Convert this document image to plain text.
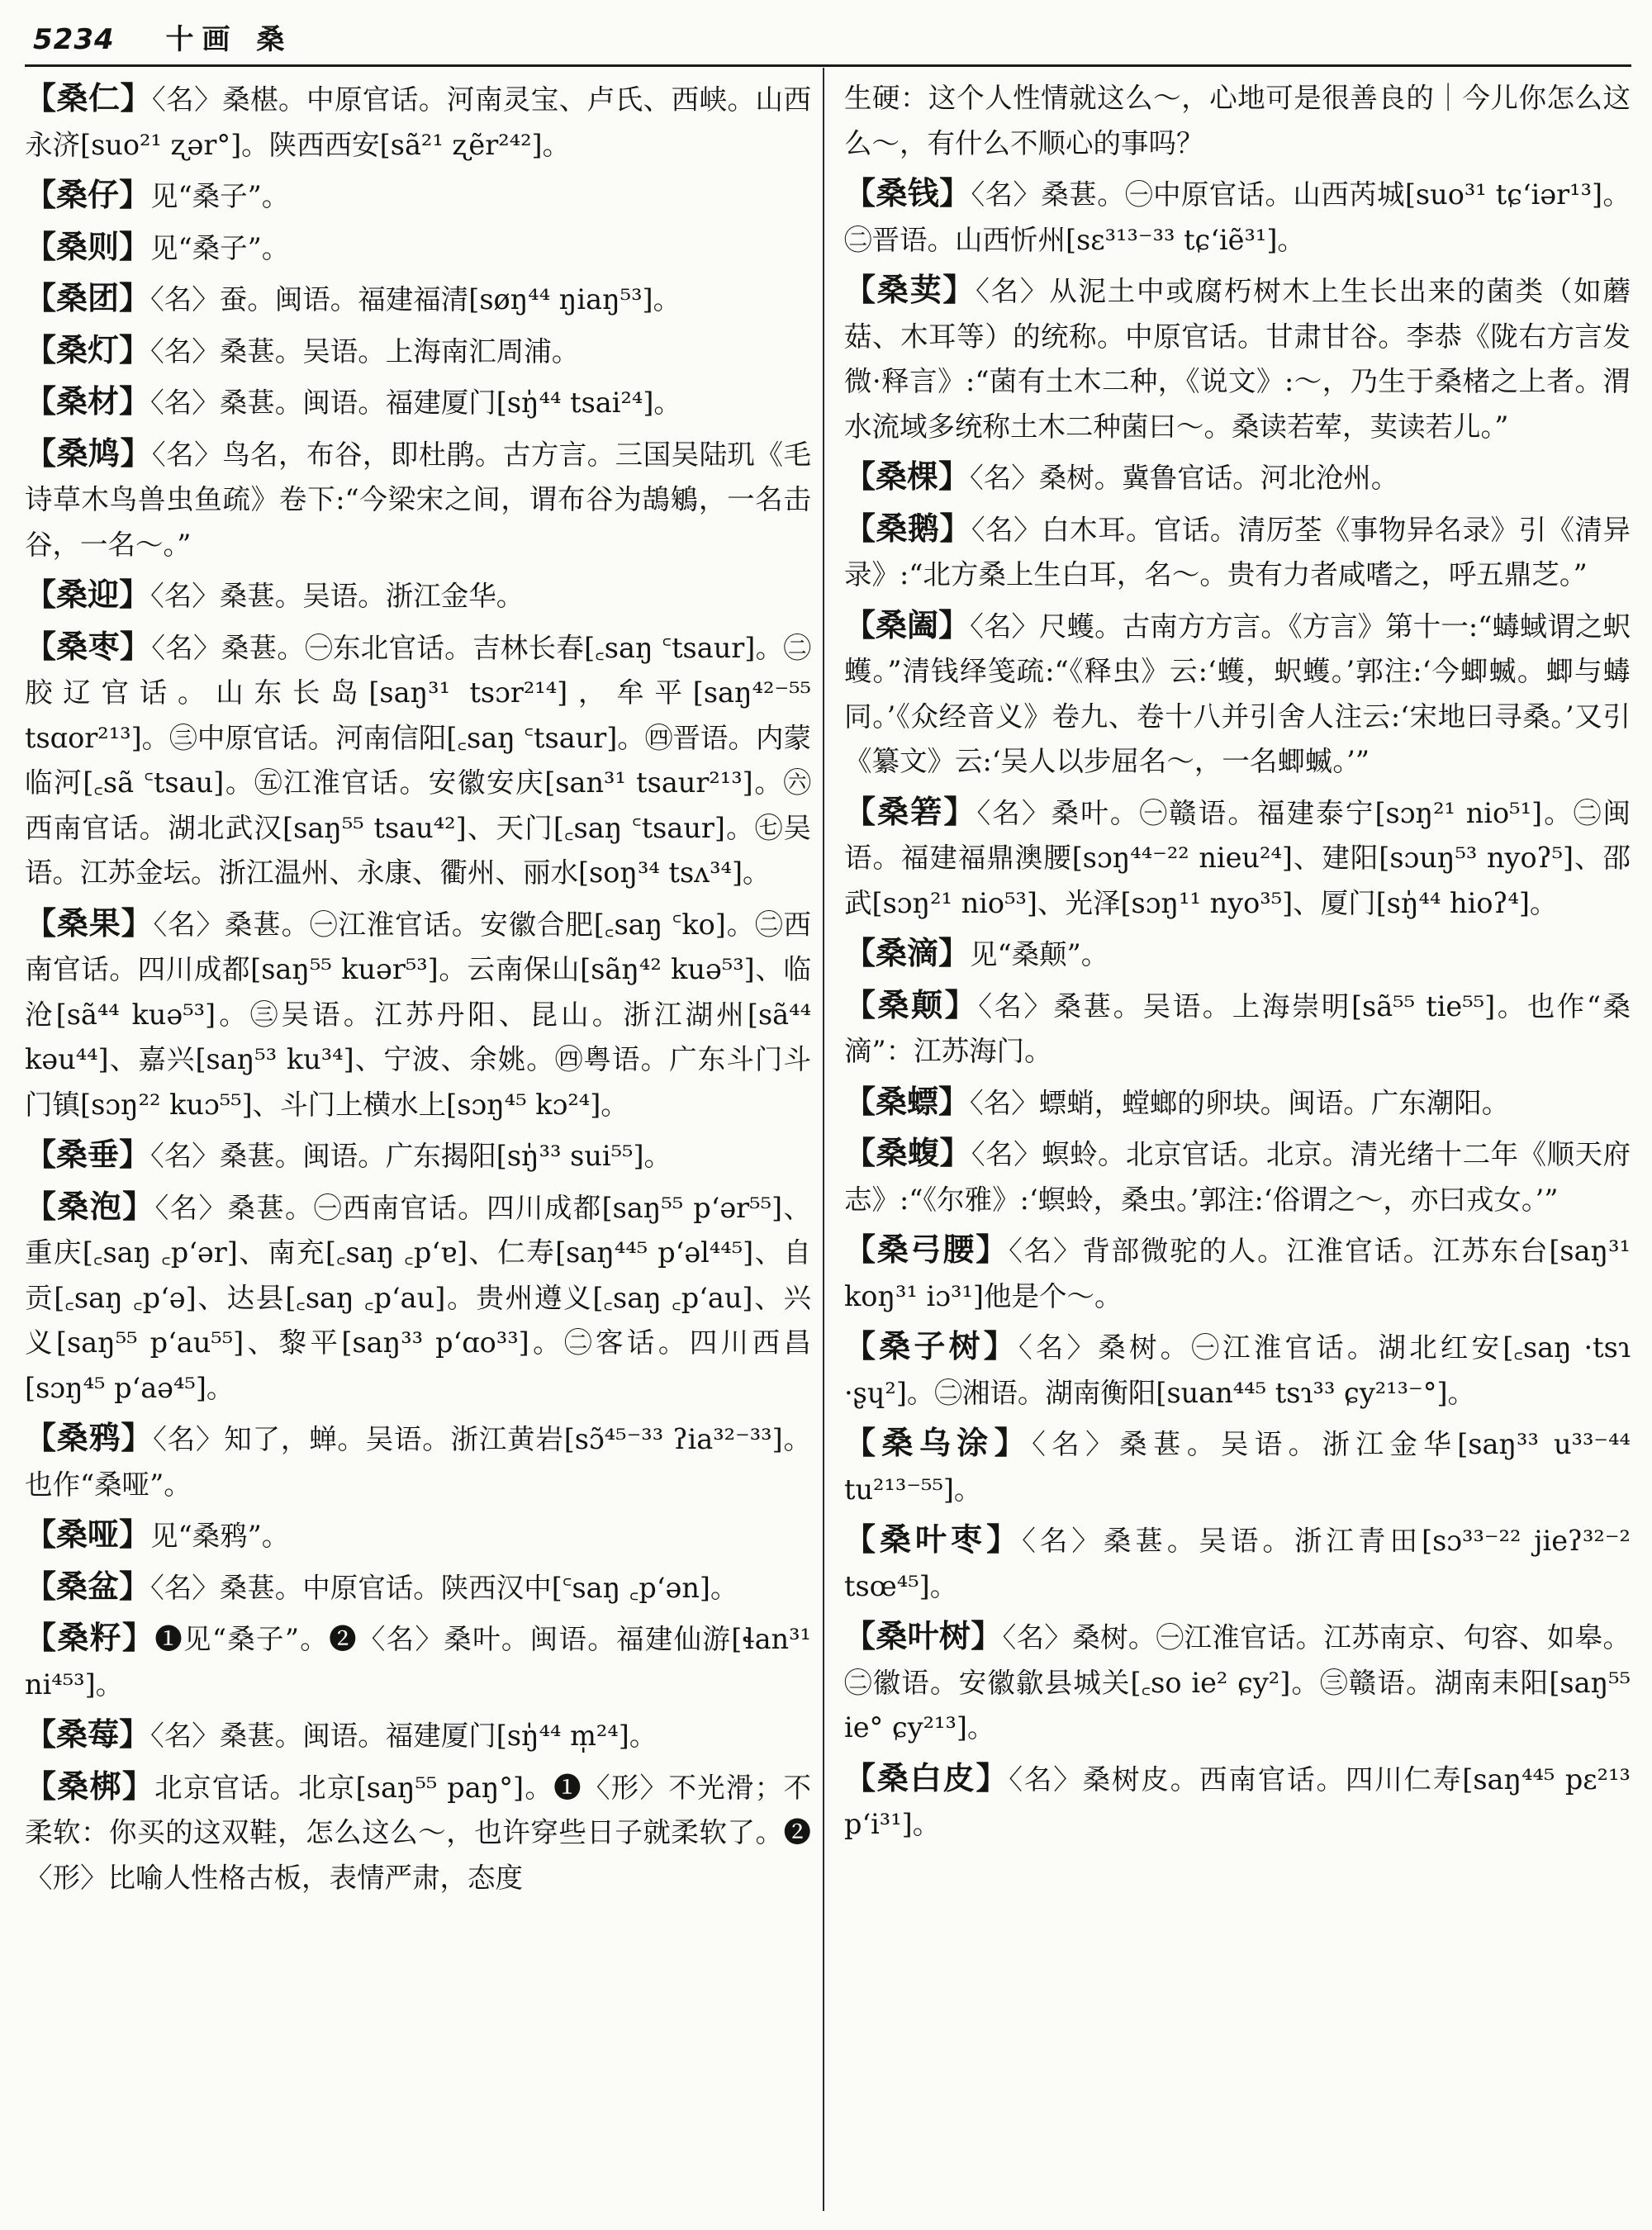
5234 十画 桑
【桑仁】〈名〉桑椹。中原官话。河南灵宝、卢氏、西峡。山西永济[suo²¹ ʐər°]。陕西西安[sã²¹ ʐẽr²⁴²]。
【桑仔】见“桑子”。
【桑则】见“桑子”。
【桑团】〈名〉蚕。闽语。福建福清[søŋ⁴⁴ ŋiaŋ⁵³]。
【桑灯】〈名〉桑葚。吴语。上海南汇周浦。
【桑材】〈名〉桑葚。闽语。福建厦门[sŋ̍⁴⁴ tsai²⁴]。
【桑鸠】〈名〉鸟名，布谷，即杜鹃。古方言。三国吴陆玑《毛诗草木鸟兽虫鱼疏》卷下:“今梁宋之间，谓布谷为鴶鵴，一名击谷，一名～。”
【桑迎】〈名〉桑葚。吴语。浙江金华。
【桑枣】〈名〉桑葚。㊀东北官话。吉林长春[꜀saŋ ꜂tsaur]。㊁胶辽官话。山东长岛[saŋ³¹ tsɔr²¹⁴]，牟平[saŋ⁴²⁻⁵⁵ tsɑor²¹³]。㊂中原官话。河南信阳[꜀saŋ ꜂tsaur]。㊃晋语。内蒙临河[꜀sã ꜂tsau]。㊄江淮官话。安徽安庆[san³¹ tsaur²¹³]。㊅西南官话。湖北武汉[saŋ⁵⁵ tsau⁴²]、天门[꜀saŋ ꜂tsaur]。㊆吴语。江苏金坛。浙江温州、永康、衢州、丽水[soŋ³⁴ tsʌ³⁴]。
【桑果】〈名〉桑葚。㊀江淮官话。安徽合肥[꜀saŋ ꜂ko]。㊁西南官话。四川成都[saŋ⁵⁵ kuər⁵³]。云南保山[sãŋ⁴² kuə⁵³]、临沧[sã⁴⁴ kuə⁵³]。㊂吴语。江苏丹阳、昆山。浙江湖州[sã⁴⁴ kəu⁴⁴]、嘉兴[saŋ⁵³ ku³⁴]、宁波、余姚。㊃粤语。广东斗门斗门镇[sɔŋ²² kuɔ⁵⁵]、斗门上横水上[sɔŋ⁴⁵ kɔ²⁴]。
【桑垂】〈名〉桑葚。闽语。广东揭阳[sŋ̍³³ sui⁵⁵]。
【桑泡】〈名〉桑葚。㊀西南官话。四川成都[saŋ⁵⁵ p‘ər⁵⁵]、重庆[꜀saŋ ꜀p‘ər]、南充[꜀saŋ ꜀p‘ɐ]、仁寿[saŋ⁴⁴⁵ p‘əl⁴⁴⁵]、自贡[꜀saŋ ꜀p‘ə]、达县[꜀saŋ ꜀p‘au]。贵州遵义[꜀saŋ ꜀p‘au]、兴义[saŋ⁵⁵ p‘au⁵⁵]、黎平[saŋ³³ p‘ɑo³³]。㊁客话。四川西昌[sɔŋ⁴⁵ p‘aə⁴⁵]。
【桑鸦】〈名〉知了，蝉。吴语。浙江黄岩[sɔ̃⁴⁵⁻³³ ʔia³²⁻³³]。也作“桑哑”。
【桑哑】见“桑鸦”。
【桑盆】〈名〉桑葚。中原官话。陕西汉中[꜂saŋ ꜀p‘ən]。
【桑籽】❶见“桑子”。❷〈名〉桑叶。闽语。福建仙游[ɬan³¹ ni⁴⁵³]。
【桑莓】〈名〉桑葚。闽语。福建厦门[sŋ̍⁴⁴ m̩²⁴]。
【桑梆】北京官话。北京[saŋ⁵⁵ paŋ°]。❶〈形〉不光滑；不柔软：你买的这双鞋，怎么这么～，也许穿些日子就柔软了。❷〈形〉比喻人性格古板，表情严肃，态度
生硬：这个人性情就这么～，心地可是很善良的｜今儿你怎么这么～，有什么不顺心的事吗？
【桑钱】〈名〉桑葚。㊀中原官话。山西芮城[suo³¹ tɕ‘iər¹³]。㊁晋语。山西忻州[sɛ³¹³⁻³³ tɕ‘iẽ³¹]。
【桑荬】〈名〉从泥土中或腐朽树木上生长出来的菌类（如蘑菇、木耳等）的统称。中原官话。甘肃甘谷。李恭《陇右方言发微·释言》:“菌有土木二种，《说文》:～，乃生于桑楮之上者。渭水流域多统称土木二种菌曰～。桑读若荤，荬读若儿。”
【桑棵】〈名〉桑树。冀鲁官话。河北沧州。
【桑鹅】〈名〉白木耳。官话。清厉荃《事物异名录》引《清异录》:“北方桑上生白耳，名～。贵有力者咸嗜之，呼五鼎芝。”
【桑阖】〈名〉尺蠖。古南方方言。《方言》第十一:“蝳蜮谓之蚇蠖。”清钱绎笺疏:“《释虫》云:‘蠖，蚇蠖。’郭注:‘今蝍蝛。蝍与蝳同。’《众经音义》卷九、卷十八并引舍人注云:‘宋地曰寻桑。’又引《纂文》云:‘吴人以步屈名～，一名蝍蝛。’”
【桑箬】〈名〉桑叶。㊀赣语。福建泰宁[sɔŋ²¹ nio⁵¹]。㊁闽语。福建福鼎澳腰[sɔŋ⁴⁴⁻²² nieu²⁴]、建阳[sɔuŋ⁵³ nyoʔ⁵]、邵武[sɔŋ²¹ nio⁵³]、光泽[sɔŋ¹¹ nyo³⁵]、厦门[sŋ̍⁴⁴ hioʔ⁴]。
【桑滴】见“桑颠”。
【桑颠】〈名〉桑葚。吴语。上海崇明[sã⁵⁵ tie⁵⁵]。也作“桑滴”：江苏海门。
【桑螵】〈名〉螵蛸，螳螂的卵块。闽语。广东潮阳。
【桑蝮】〈名〉螟蛉。北京官话。北京。清光绪十二年《顺天府志》:“《尔雅》:‘螟蛉，桑虫。’郭注:‘俗谓之～，亦曰戎女。’”
【桑弓腰】〈名〉背部微驼的人。江淮官话。江苏东台[saŋ³¹ koŋ³¹ iɔ³¹]他是个～。
【桑子树】〈名〉桑树。㊀江淮官话。湖北红安[꜀saŋ ·tsɿ ·ʂɥ²]。㊁湘语。湖南衡阳[suan⁴⁴⁵ tsɿ³³ ɕy²¹³⁻°]。
【桑乌涂】〈名〉桑葚。吴语。浙江金华[saŋ³³ u³³⁻⁴⁴ tu²¹³⁻⁵⁵]。
【桑叶枣】〈名〉桑葚。吴语。浙江青田[sɔ³³⁻²² jieʔ³²⁻² tsœ⁴⁵]。
【桑叶树】〈名〉桑树。㊀江淮官话。江苏南京、句容、如皋。㊁徽语。安徽歙县城关[꜀so ie² ɕy²]。㊂赣语。湖南耒阳[saŋ⁵⁵ ie° ɕy²¹³]。
【桑白皮】〈名〉桑树皮。西南官话。四川仁寿[saŋ⁴⁴⁵ pɛ²¹³ p‘i³¹]。
